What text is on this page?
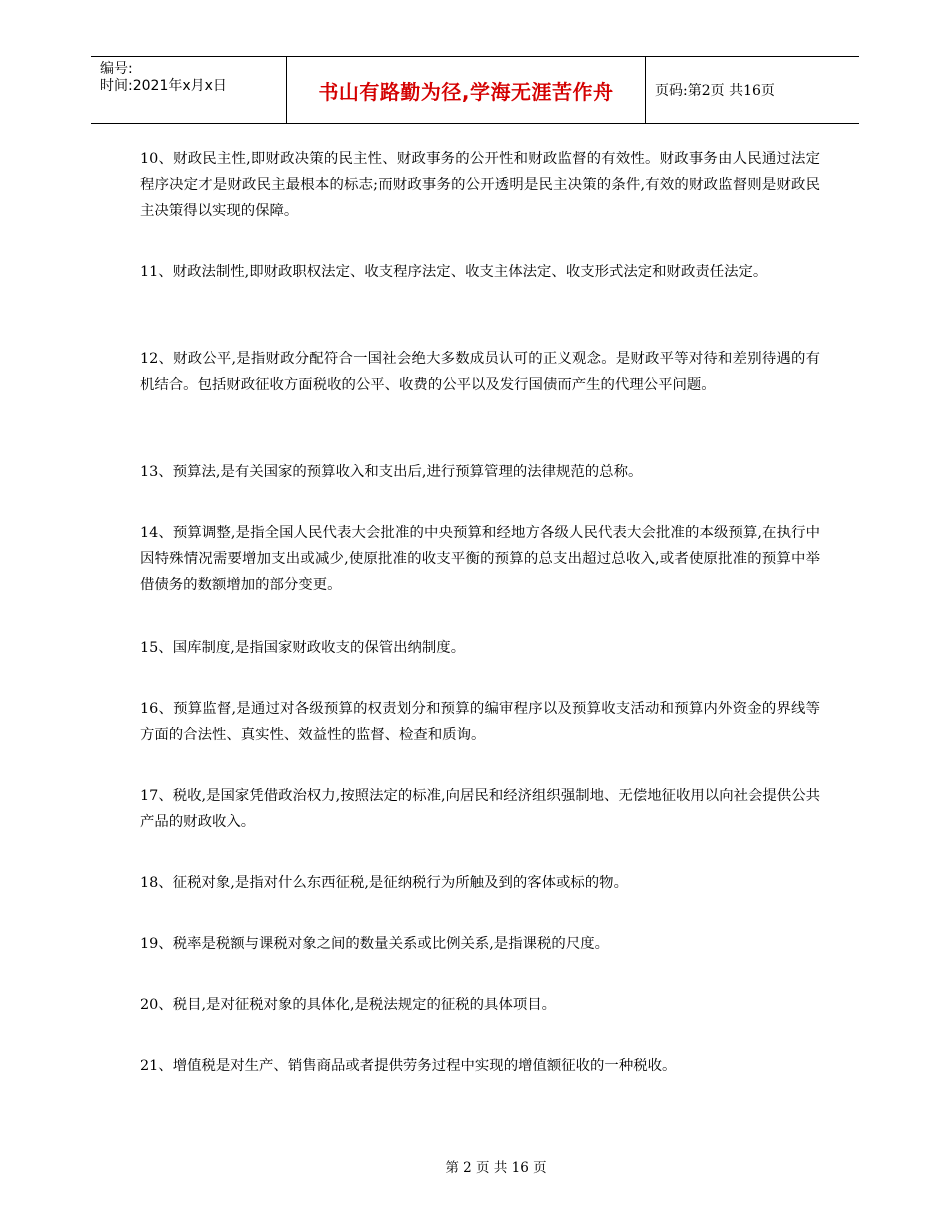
编号:
时间:2021年x月x日	书山有路勤为径,学海无涯苦作舟	页码:第2页 共16页

10、财政民主性,即财政决策的民主性、财政事务的公开性和财政监督的有效性。财政事务由人民通过法定程序决定才是财政民主最根本的标志;而财政事务的公开透明是民主决策的条件,有效的财政监督则是财政民主决策得以实现的保障。

11、财政法制性,即财政职权法定、收支程序法定、收支主体法定、收支形式法定和财政责任法定。

12、财政公平,是指财政分配符合一国社会绝大多数成员认可的正义观念。是财政平等对待和差别待遇的有机结合。包括财政征收方面税收的公平、收费的公平以及发行国债而产生的代理公平问题。

13、预算法,是有关国家的预算收入和支出后,进行预算管理的法律规范的总称。

14、预算调整,是指全国人民代表大会批准的中央预算和经地方各级人民代表大会批准的本级预算,在执行中因特殊情况需要增加支出或减少,使原批准的收支平衡的预算的总支出超过总收入,或者使原批准的预算中举借债务的数额增加的部分变更。

15、国库制度,是指国家财政收支的保管出纳制度。

16、预算监督,是通过对各级预算的权责划分和预算的编审程序以及预算收支活动和预算内外资金的界线等方面的合法性、真实性、效益性的监督、检查和质询。

17、税收,是国家凭借政治权力,按照法定的标准,向居民和经济组织强制地、无偿地征收用以向社会提供公共产品的财政收入。

18、征税对象,是指对什么东西征税,是征纳税行为所触及到的客体或标的物。

19、税率是税额与课税对象之间的数量关系或比例关系,是指课税的尺度。

20、税目,是对征税对象的具体化,是税法规定的征税的具体项目。

21、增值税是对生产、销售商品或者提供劳务过程中实现的增值额征收的一种税收。

第 2 页 共 16 页
